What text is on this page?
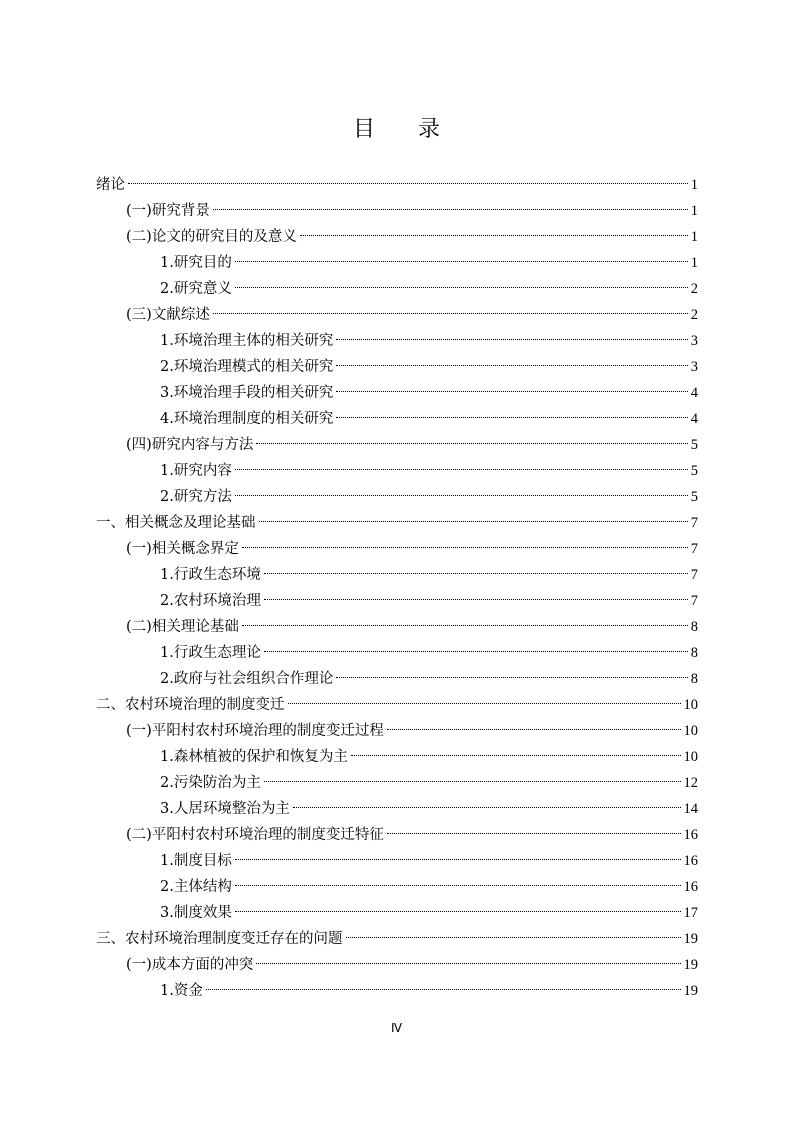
目 录
绪论	1
(一)研究背景	1
(二)论文的研究目的及意义	1
1.研究目的	1
2.研究意义	2
(三)文献综述	2
1.环境治理主体的相关研究	3
2.环境治理模式的相关研究	3
3.环境治理手段的相关研究	4
4.环境治理制度的相关研究	4
(四)研究内容与方法	5
1.研究内容	5
2.研究方法	5
一、相关概念及理论基础	7
(一)相关概念界定	7
1.行政生态环境	7
2.农村环境治理	7
(二)相关理论基础	8
1.行政生态理论	8
2.政府与社会组织合作理论	8
二、农村环境治理的制度变迁	10
(一)平阳村农村环境治理的制度变迁过程	10
1.森林植被的保护和恢复为主	10
2.污染防治为主	12
3.人居环境整治为主	14
(二)平阳村农村环境治理的制度变迁特征	16
1.制度目标	16
2.主体结构	16
3.制度效果	17
三、农村环境治理制度变迁存在的问题	19
(一)成本方面的冲突	19
1.资金	19
Ⅳ
